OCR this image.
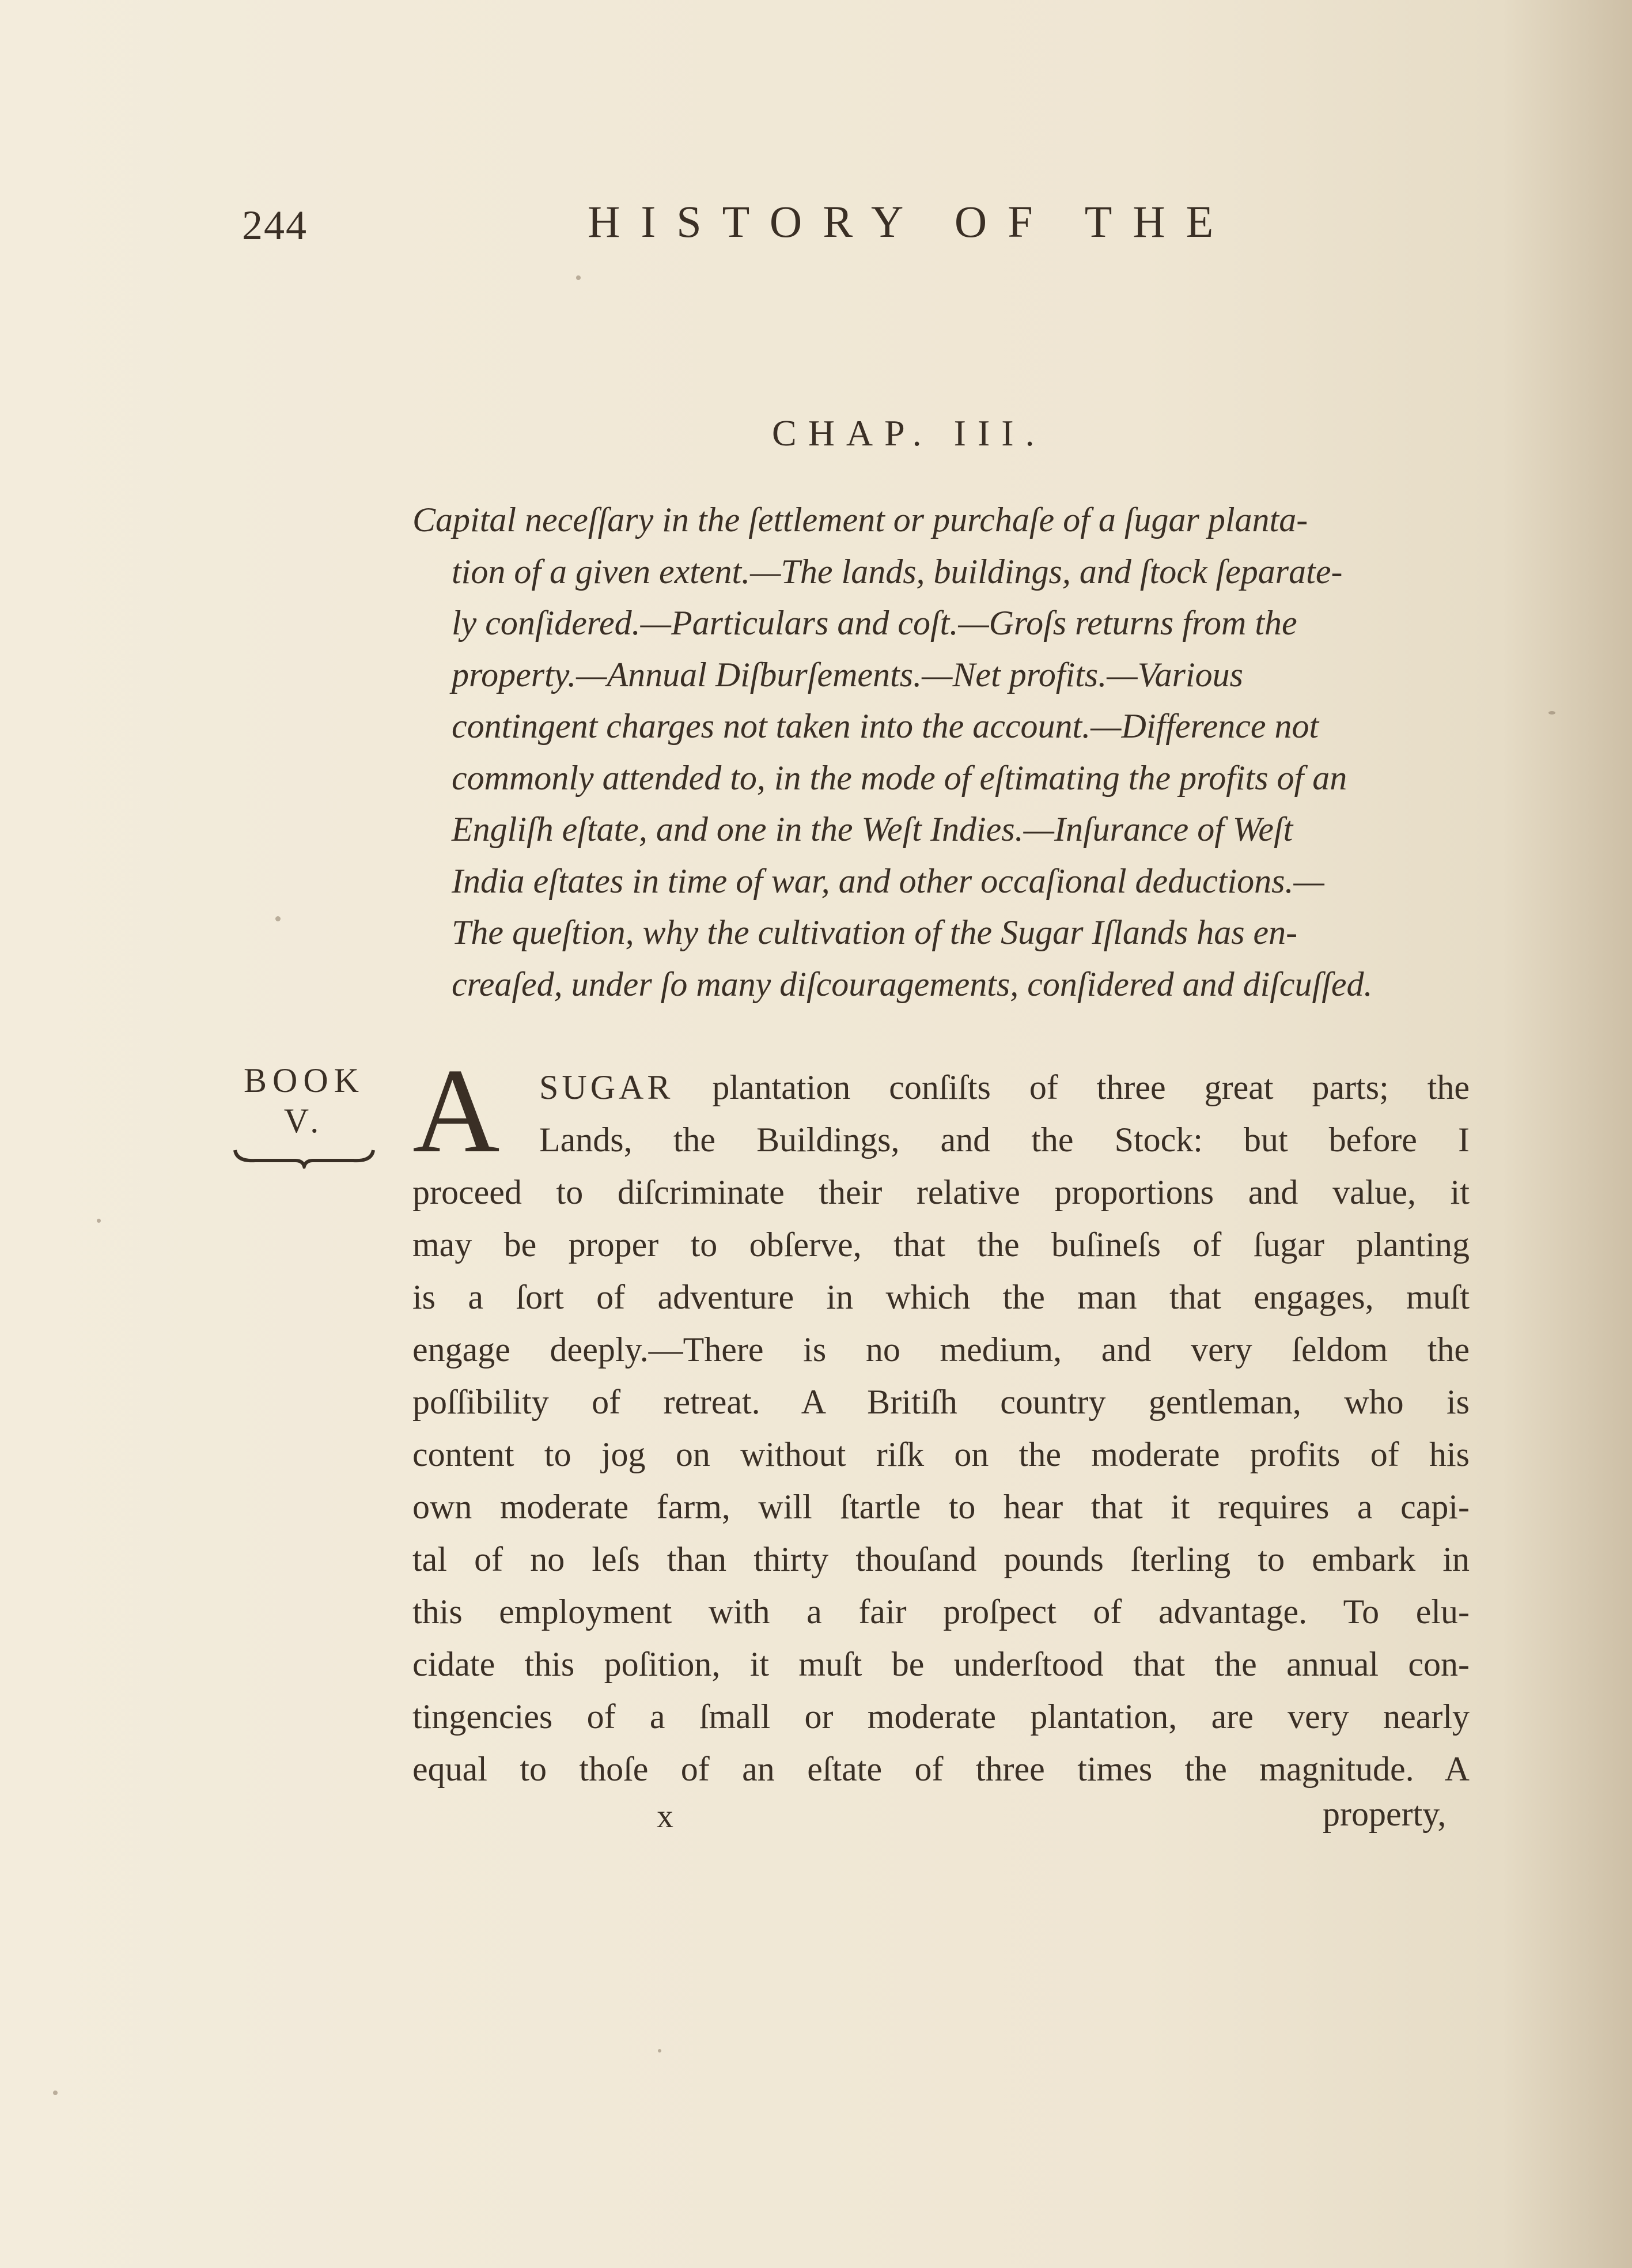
244	HISTORY OF THE
CHAP. III.
Capital neceſſary in the ſettlement or purchaſe of a ſugar planta-
tion of a given extent.—The lands, buildings, and ſtock ſeparate-
ly conſidered.—Particulars and coſt.—Groſs returns from the
property.—Annual Diſburſements.—Net profits.—Various
contingent charges not taken into the account.—Difference not
commonly attended to, in the mode of eſtimating the profits of an
Engliſh eſtate, and one in the Weſt Indies.—Inſurance of Weſt
India eſtates in time of war, and other occaſional deductions.—
The queſtion, why the cultivation of the Sugar Iſlands has en-
creaſed, under ſo many diſcouragements, conſidered and diſcuſſed.
BOOK
V. A	SUGAR plantation conſiſts of three great parts; the
Lands, the Buildings, and the Stock: but before I
proceed to diſcriminate their relative proportions and value, it
may be proper to obſerve, that the buſineſs of ſugar planting
is a ſort of adventure in which the man that engages, muſt
engage deeply.—There is no medium, and very ſeldom the
poſſibility of retreat. A Britiſh country gentleman, who is
content to jog on without riſk on the moderate profits of his
own moderate farm, will ſtartle to hear that it requires a capi-
tal of no leſs than thirty thouſand pounds ſterling to embark in
this employment with a fair proſpect of advantage. To elu-
cidate this poſition, it muſt be underſtood that the annual con-
tingencies of a ſmall or moderate plantation, are very nearly
equal to thoſe of an eſtate of three times the magnitude. A
x	property,
